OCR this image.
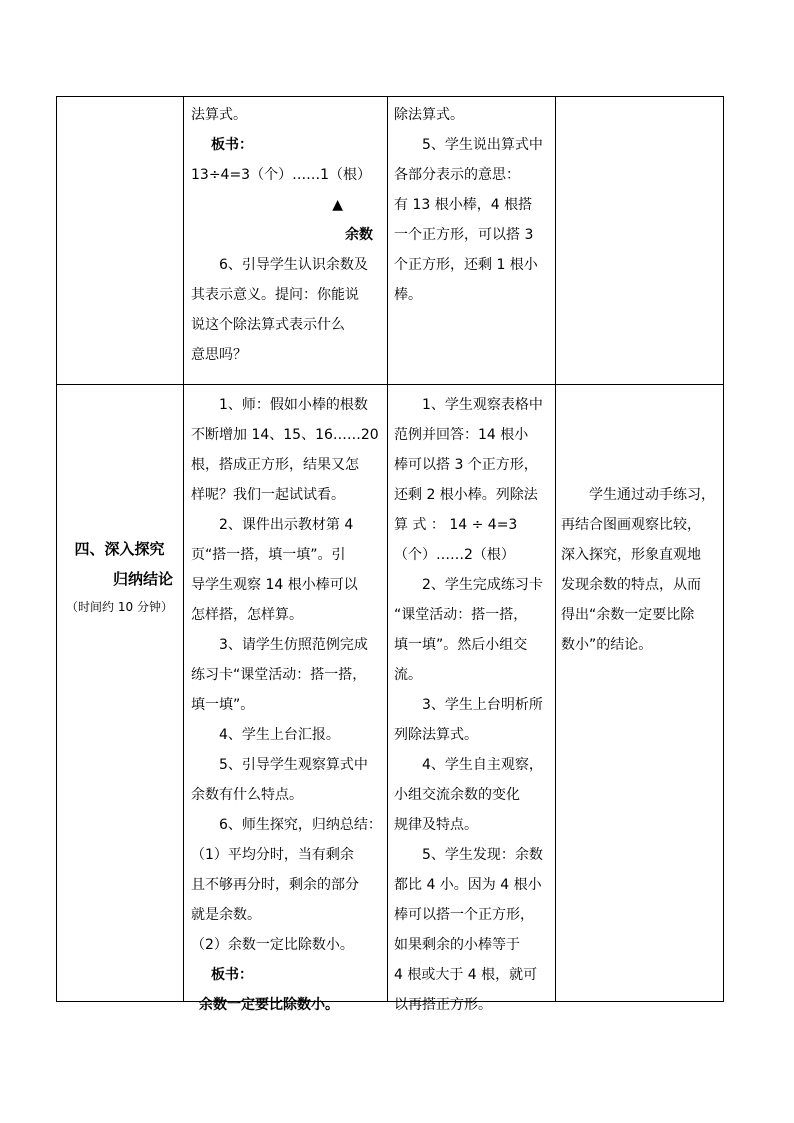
法算式。

板书：

13÷4=3（个）……1（根）

▲

余数

6、引导学生认识余数及

其表示意义。提问：你能说

说这个除法算式表示什么

意思吗？

除法算式。

5、学生说出算式中

各部分表示的意思：

有 13 根小棒，4 根搭

一个正方形，可以搭 3

个正方形，还剩 1 根小

棒。

四、深入探究
归纳结论
（时间约 10 分钟）

1、师：假如小棒的根数

不断增加 14、15、16……20

根，搭成正方形，结果又怎

样呢？我们一起试试看。

2、课件出示教材第 4

页“搭一搭，填一填”。引

导学生观察 14 根小棒可以

怎样搭，怎样算。

3、请学生仿照范例完成

练习卡“课堂活动：搭一搭，

填一填”。

4、学生上台汇报。

5、引导学生观察算式中

余数有什么特点。

6、师生探究，归纳总结：

（1）平均分时，当有剩余

且不够再分时，剩余的部分

就是余数。

（2）余数一定比除数小。

板书：

余数一定要比除数小。

1、学生观察表格中

范例并回答：14 根小

棒可以搭 3 个正方形，

还剩 2 根小棒。列除法

算 式 ： 14 ÷ 4=3

（个）……2（根）

2、学生完成练习卡

“课堂活动：搭一搭，

填一填”。然后小组交

流。

3、学生上台明析所

列除法算式。

4、学生自主观察，

小组交流余数的变化

规律及特点。

5、学生发现：余数

都比 4 小。因为 4 根小

棒可以搭一个正方形，

如果剩余的小棒等于

4 根或大于 4 根，就可

以再搭正方形。

学生通过动手练习，

再结合图画观察比较，

深入探究，形象直观地

发现余数的特点，从而

得出“余数一定要比除

数小”的结论。
